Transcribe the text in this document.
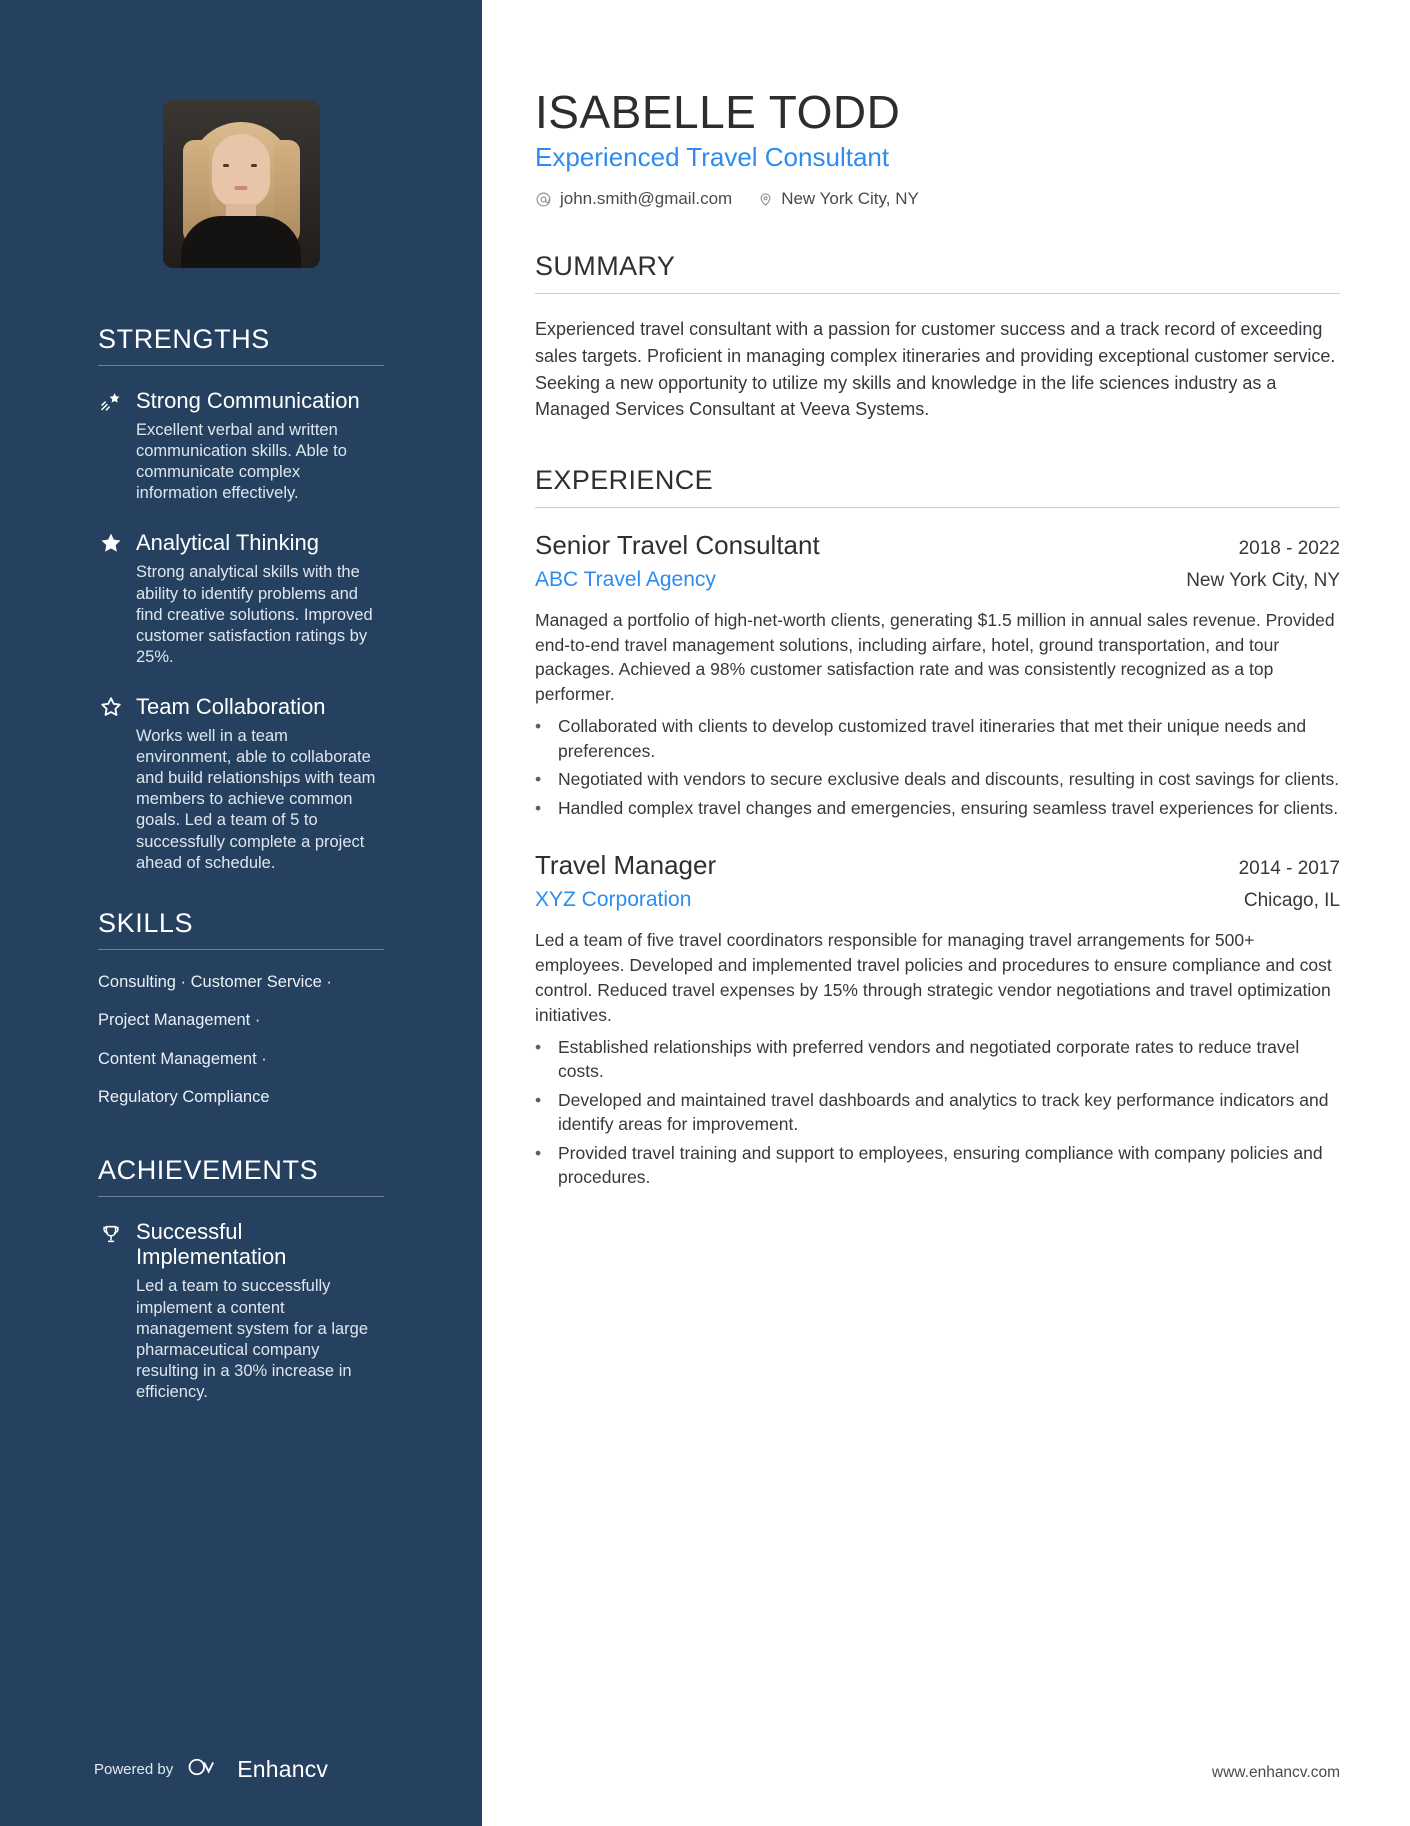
STRENGTHS
Strong Communication
Excellent verbal and written communication skills. Able to communicate complex information effectively.
Analytical Thinking
Strong analytical skills with the ability to identify problems and find creative solutions. Improved customer satisfaction ratings by 25%.
Team Collaboration
Works well in a team environment, able to collaborate and build relationships with team members to achieve common goals. Led a team of 5 to successfully complete a project ahead of schedule.
SKILLS
Consulting · Customer Service ·
Project Management ·
Content Management ·
Regulatory Compliance
ACHIEVEMENTS
Successful Implementation
Led a team to successfully implement a content management system for a large pharmaceutical company resulting in a 30% increase in efficiency.
Powered by	Enhancv
ISABELLE TODD
Experienced Travel Consultant
john.smith@gmail.com	New York City, NY
SUMMARY

Experienced travel consultant with a passion for customer success and a track record of exceeding sales targets. Proficient in managing complex itineraries and providing exceptional customer service. Seeking a new opportunity to utilize my skills and knowledge in the life sciences industry as a Managed Services Consultant at Veeva Systems.

EXPERIENCE
Senior Travel Consultant	2018 - 2022
ABC Travel Agency	New York City, NY

Managed a portfolio of high-net-worth clients, generating $1.5 million in annual sales revenue. Provided end-to-end travel management solutions, including airfare, hotel, ground transportation, and tour packages. Achieved a 98% customer satisfaction rate and was consistently recognized as a top performer.

• Collaborated with clients to develop customized travel itineraries that met their unique needs and preferences.
• Negotiated with vendors to secure exclusive deals and discounts, resulting in cost savings for clients.
• Handled complex travel changes and emergencies, ensuring seamless travel experiences for clients.
Travel Manager	2014 - 2017
XYZ Corporation	Chicago, IL

Led a team of five travel coordinators responsible for managing travel arrangements for 500+ employees. Developed and implemented travel policies and procedures to ensure compliance and cost control. Reduced travel expenses by 15% through strategic vendor negotiations and travel optimization initiatives.

• Established relationships with preferred vendors and negotiated corporate rates to reduce travel costs.
• Developed and maintained travel dashboards and analytics to track key performance indicators and identify areas for improvement.
• Provided travel training and support to employees, ensuring compliance with company policies and procedures.
www.enhancv.com
